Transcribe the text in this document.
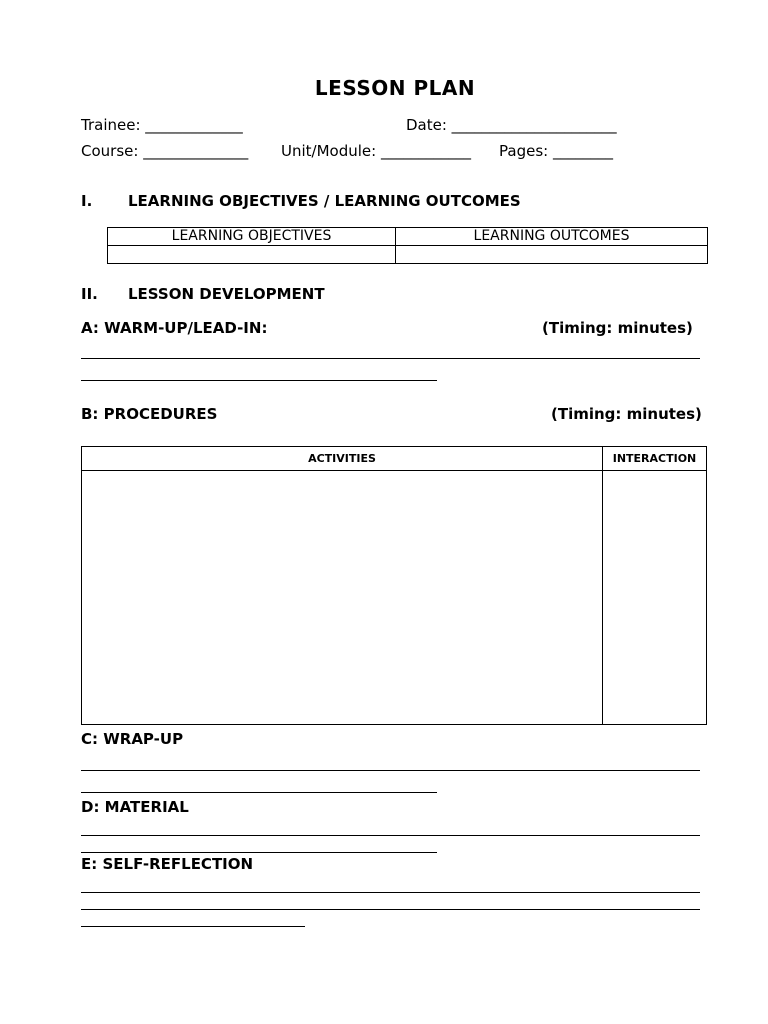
LESSON PLAN
Trainee: _____________	Date: ______________________
Course: ______________ Unit/Module: ____________ Pages: ________
I. LEARNING OBJECTIVES / LEARNING OUTCOMES
LEARNING OBJECTIVES	LEARNING OUTCOMES

II. LESSON DEVELOPMENT
A: WARM-UP/LEAD-IN:	(Timing: minutes)
B: PROCEDURES	(Timing: minutes)
ACTIVITIES	INTERACTION

C: WRAP-UP
D: MATERIAL
E: SELF-REFLECTION
